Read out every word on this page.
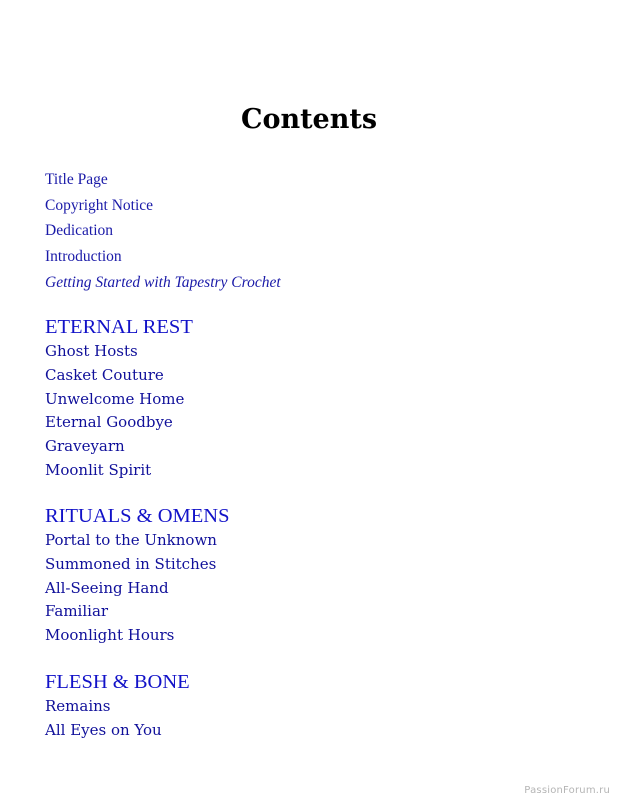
Contents
Title Page
Copyright Notice
Dedication
Introduction
Getting Started with Tapestry Crochet
ETERNAL REST
Ghost Hosts
Casket Couture
Unwelcome Home
Eternal Goodbye
Graveyarn
Moonlit Spirit
RITUALS & OMENS
Portal to the Unknown
Summoned in Stitches
All-Seeing Hand
Familiar
Moonlight Hours
FLESH & BONE
Remains
All Eyes on You
PassionForum.ru
